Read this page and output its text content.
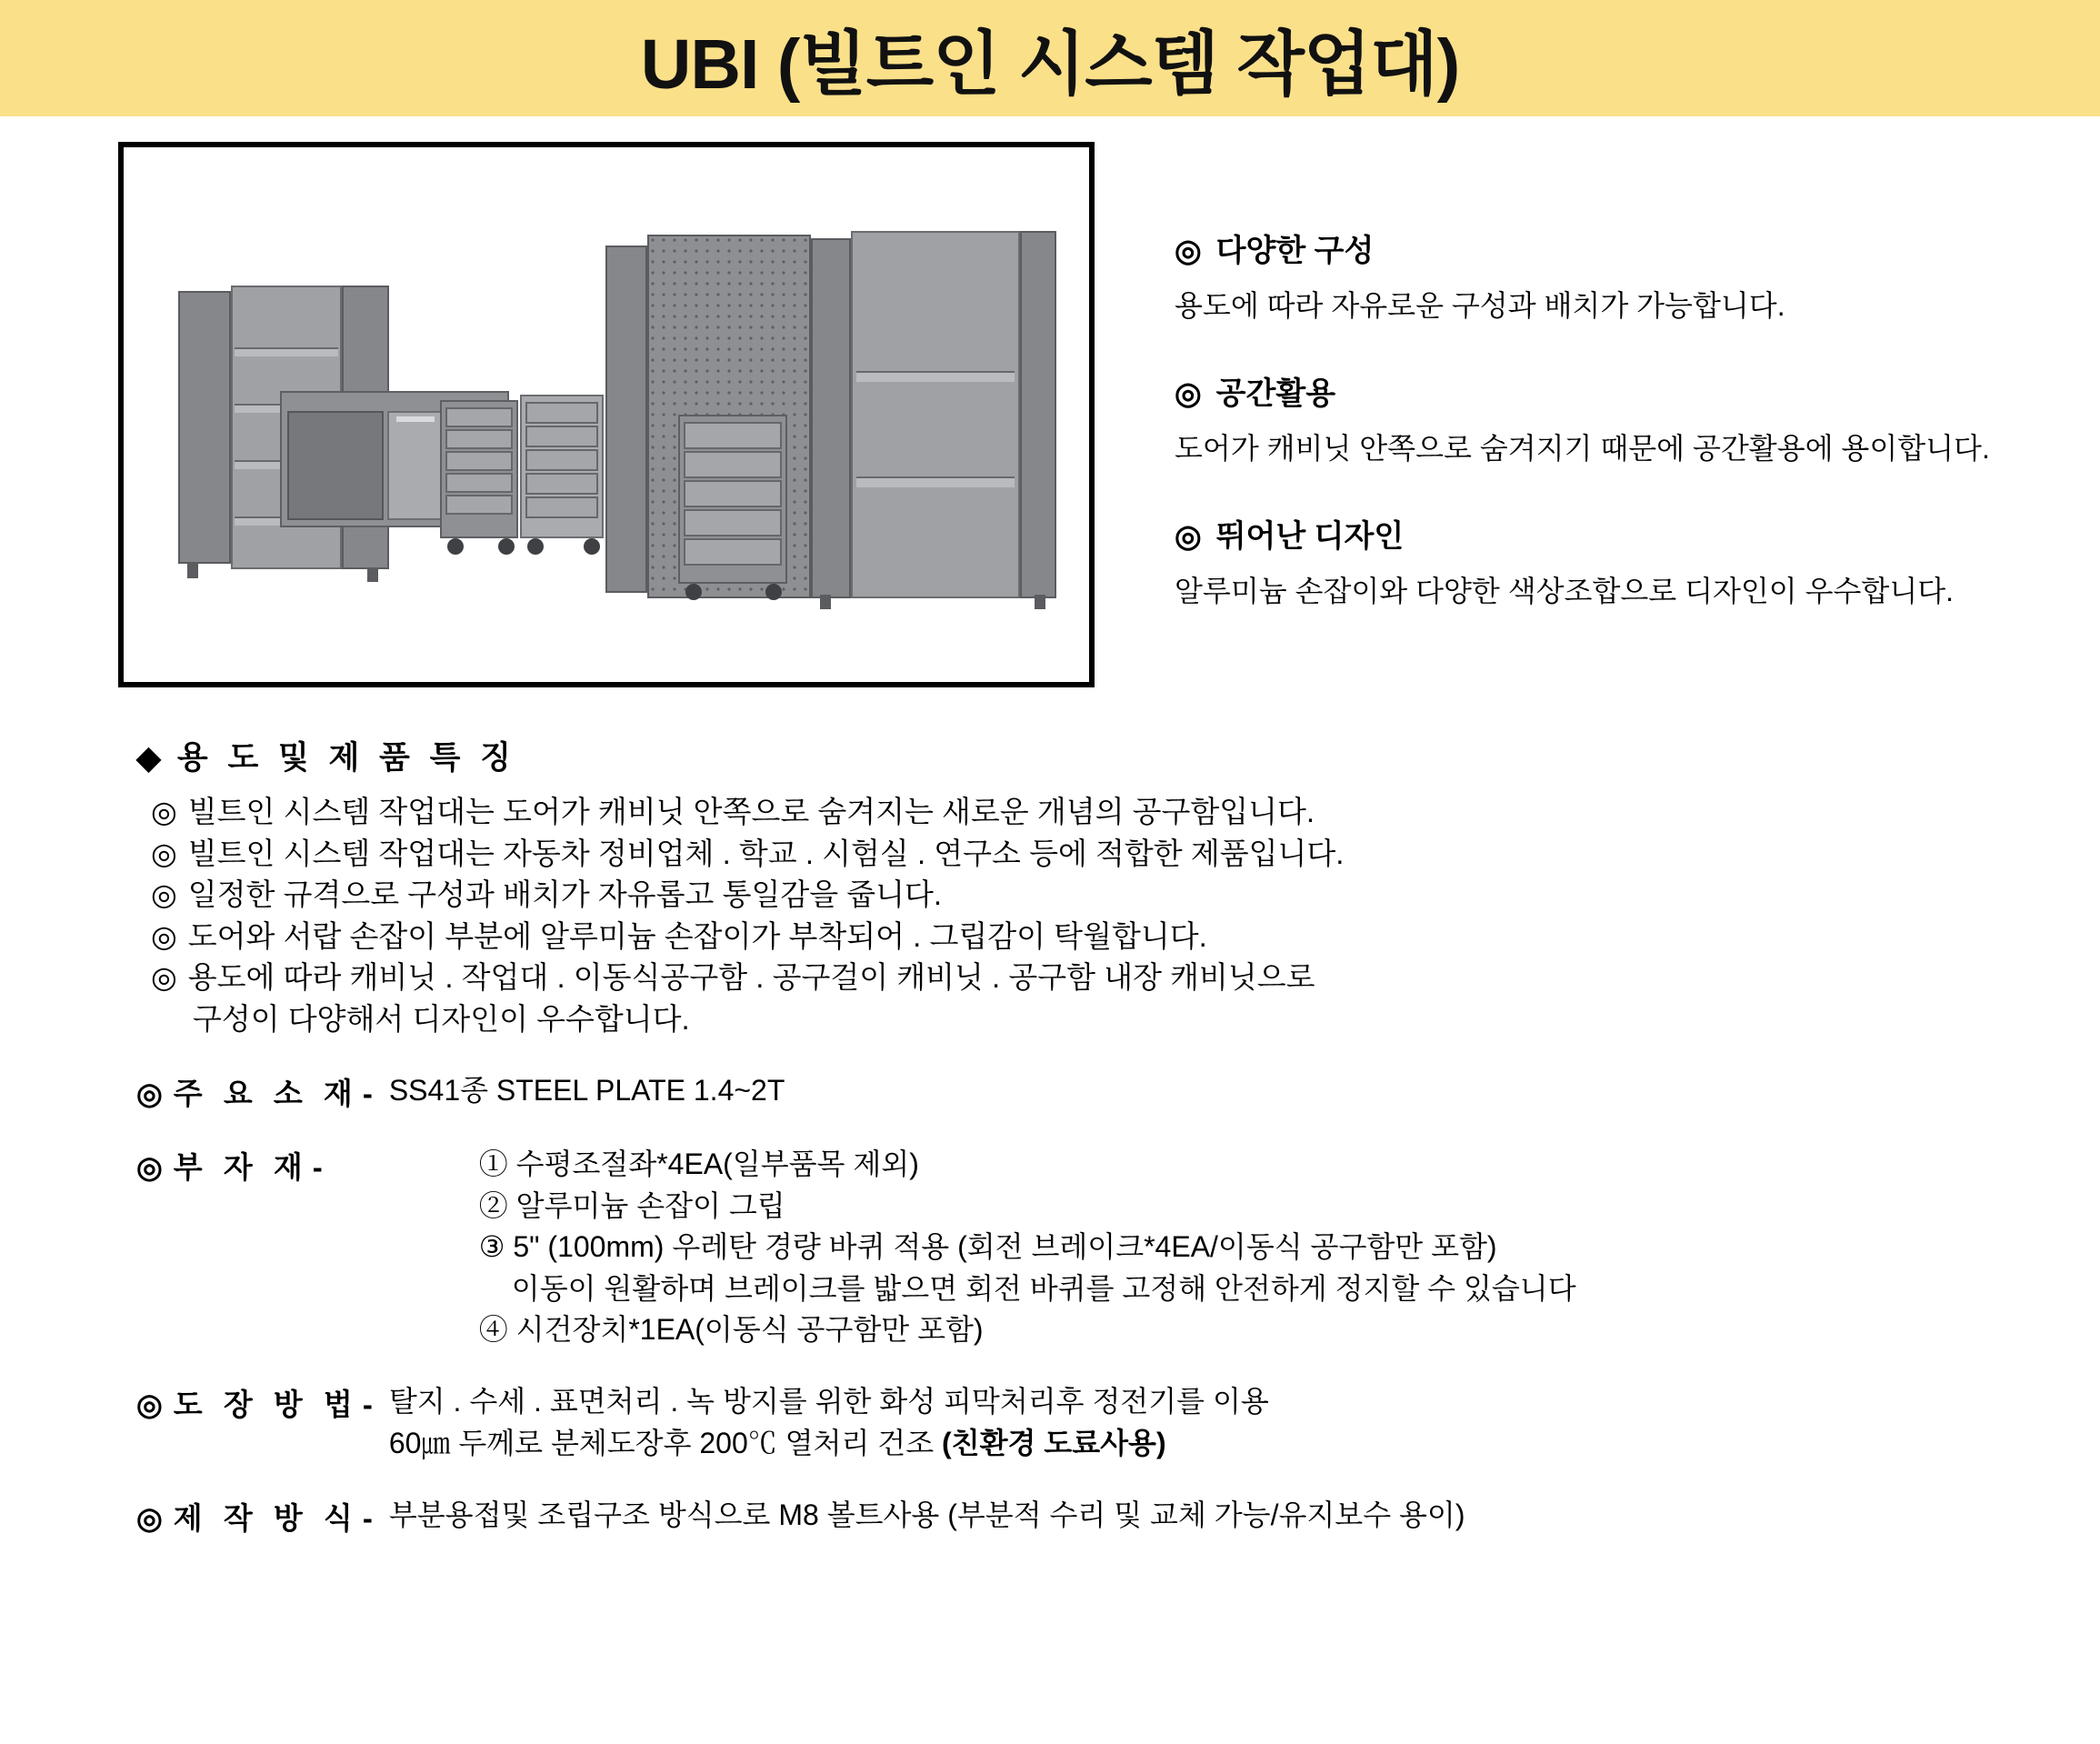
UBI (빌트인 시스템 작업대)
◎ 다양한 구성
용도에 따라 자유로운 구성과 배치가 가능합니다.
◎ 공간활용
도어가 캐비닛 안쪽으로 숨겨지기 때문에 공간활용에 용이합니다.
◎ 뛰어난 디자인
알루미늄 손잡이와 다양한 색상조합으로 디자인이 우수합니다.
◆ 용 도 및 제 품 특 징
◎ 빌트인 시스템 작업대는 도어가 캐비닛 안쪽으로 숨겨지는 새로운 개념의 공구함입니다.
◎ 빌트인 시스템 작업대는 자동차 정비업체 . 학교 . 시험실 . 연구소 등에 적합한 제품입니다.
◎ 일정한 규격으로 구성과 배치가 자유롭고 통일감을 줍니다.
◎ 도어와 서랍 손잡이 부분에 알루미늄 손잡이가 부착되어 . 그립감이 탁월합니다.
◎ 용도에 따라 캐비닛 . 작업대 . 이동식공구함 . 공구걸이 캐비닛 . 공구함 내장 캐비닛으로
구성이 다양해서 디자인이 우수합니다.
◎ 주 요 소 재 - SS41종 STEEL PLATE 1.4~2T
◎ 부 자 재 -	① 수평조절좌*4EA(일부품목 제외)
② 알루미늄 손잡이 그립
③ 5" (100mm) 우레탄 경량 바퀴 적용 (회전 브레이크*4EA/이동식 공구함만 포함)
이동이 원활하며 브레이크를 밟으면 회전 바퀴를 고정해 안전하게 정지할 수 있습니다
④ 시건장치*1EA(이동식 공구함만 포함)
◎ 도 장 방 법 - 탈지 . 수세 . 표면처리 . 녹 방지를 위한 화성 피막처리후 정전기를 이용
60㎛ 두께로 분체도장후 200℃ 열처리 건조 (친환경 도료사용)
◎ 제 작 방 식 - 부분용접및 조립구조 방식으로 M8 볼트사용 (부분적 수리 및 교체 가능/유지보수 용이)
